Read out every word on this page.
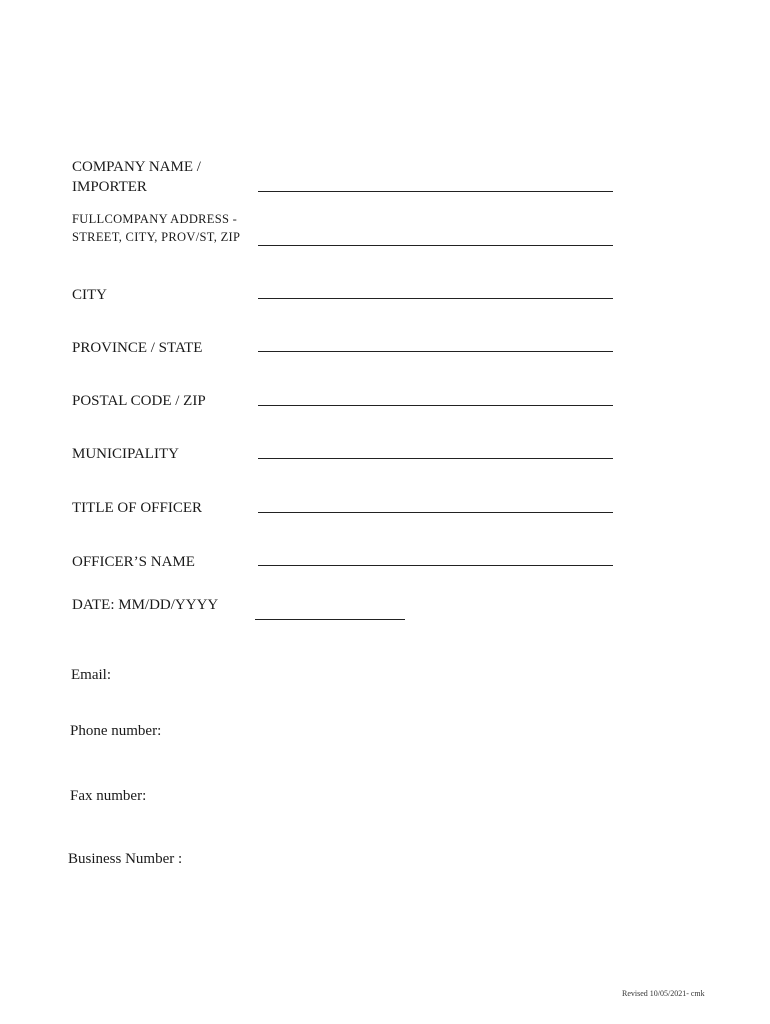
COMPANY NAME /
IMPORTER
FULLCOMPANY ADDRESS -
STREET, CITY, PROV/ST, ZIP
CITY
PROVINCE / STATE
POSTAL CODE / ZIP
MUNICIPALITY
TITLE OF OFFICER
OFFICER’S NAME
DATE: MM/DD/YYYY
Email:
Phone number:
Fax number:
Business Number :
Revised 10/05/2021- cmk
